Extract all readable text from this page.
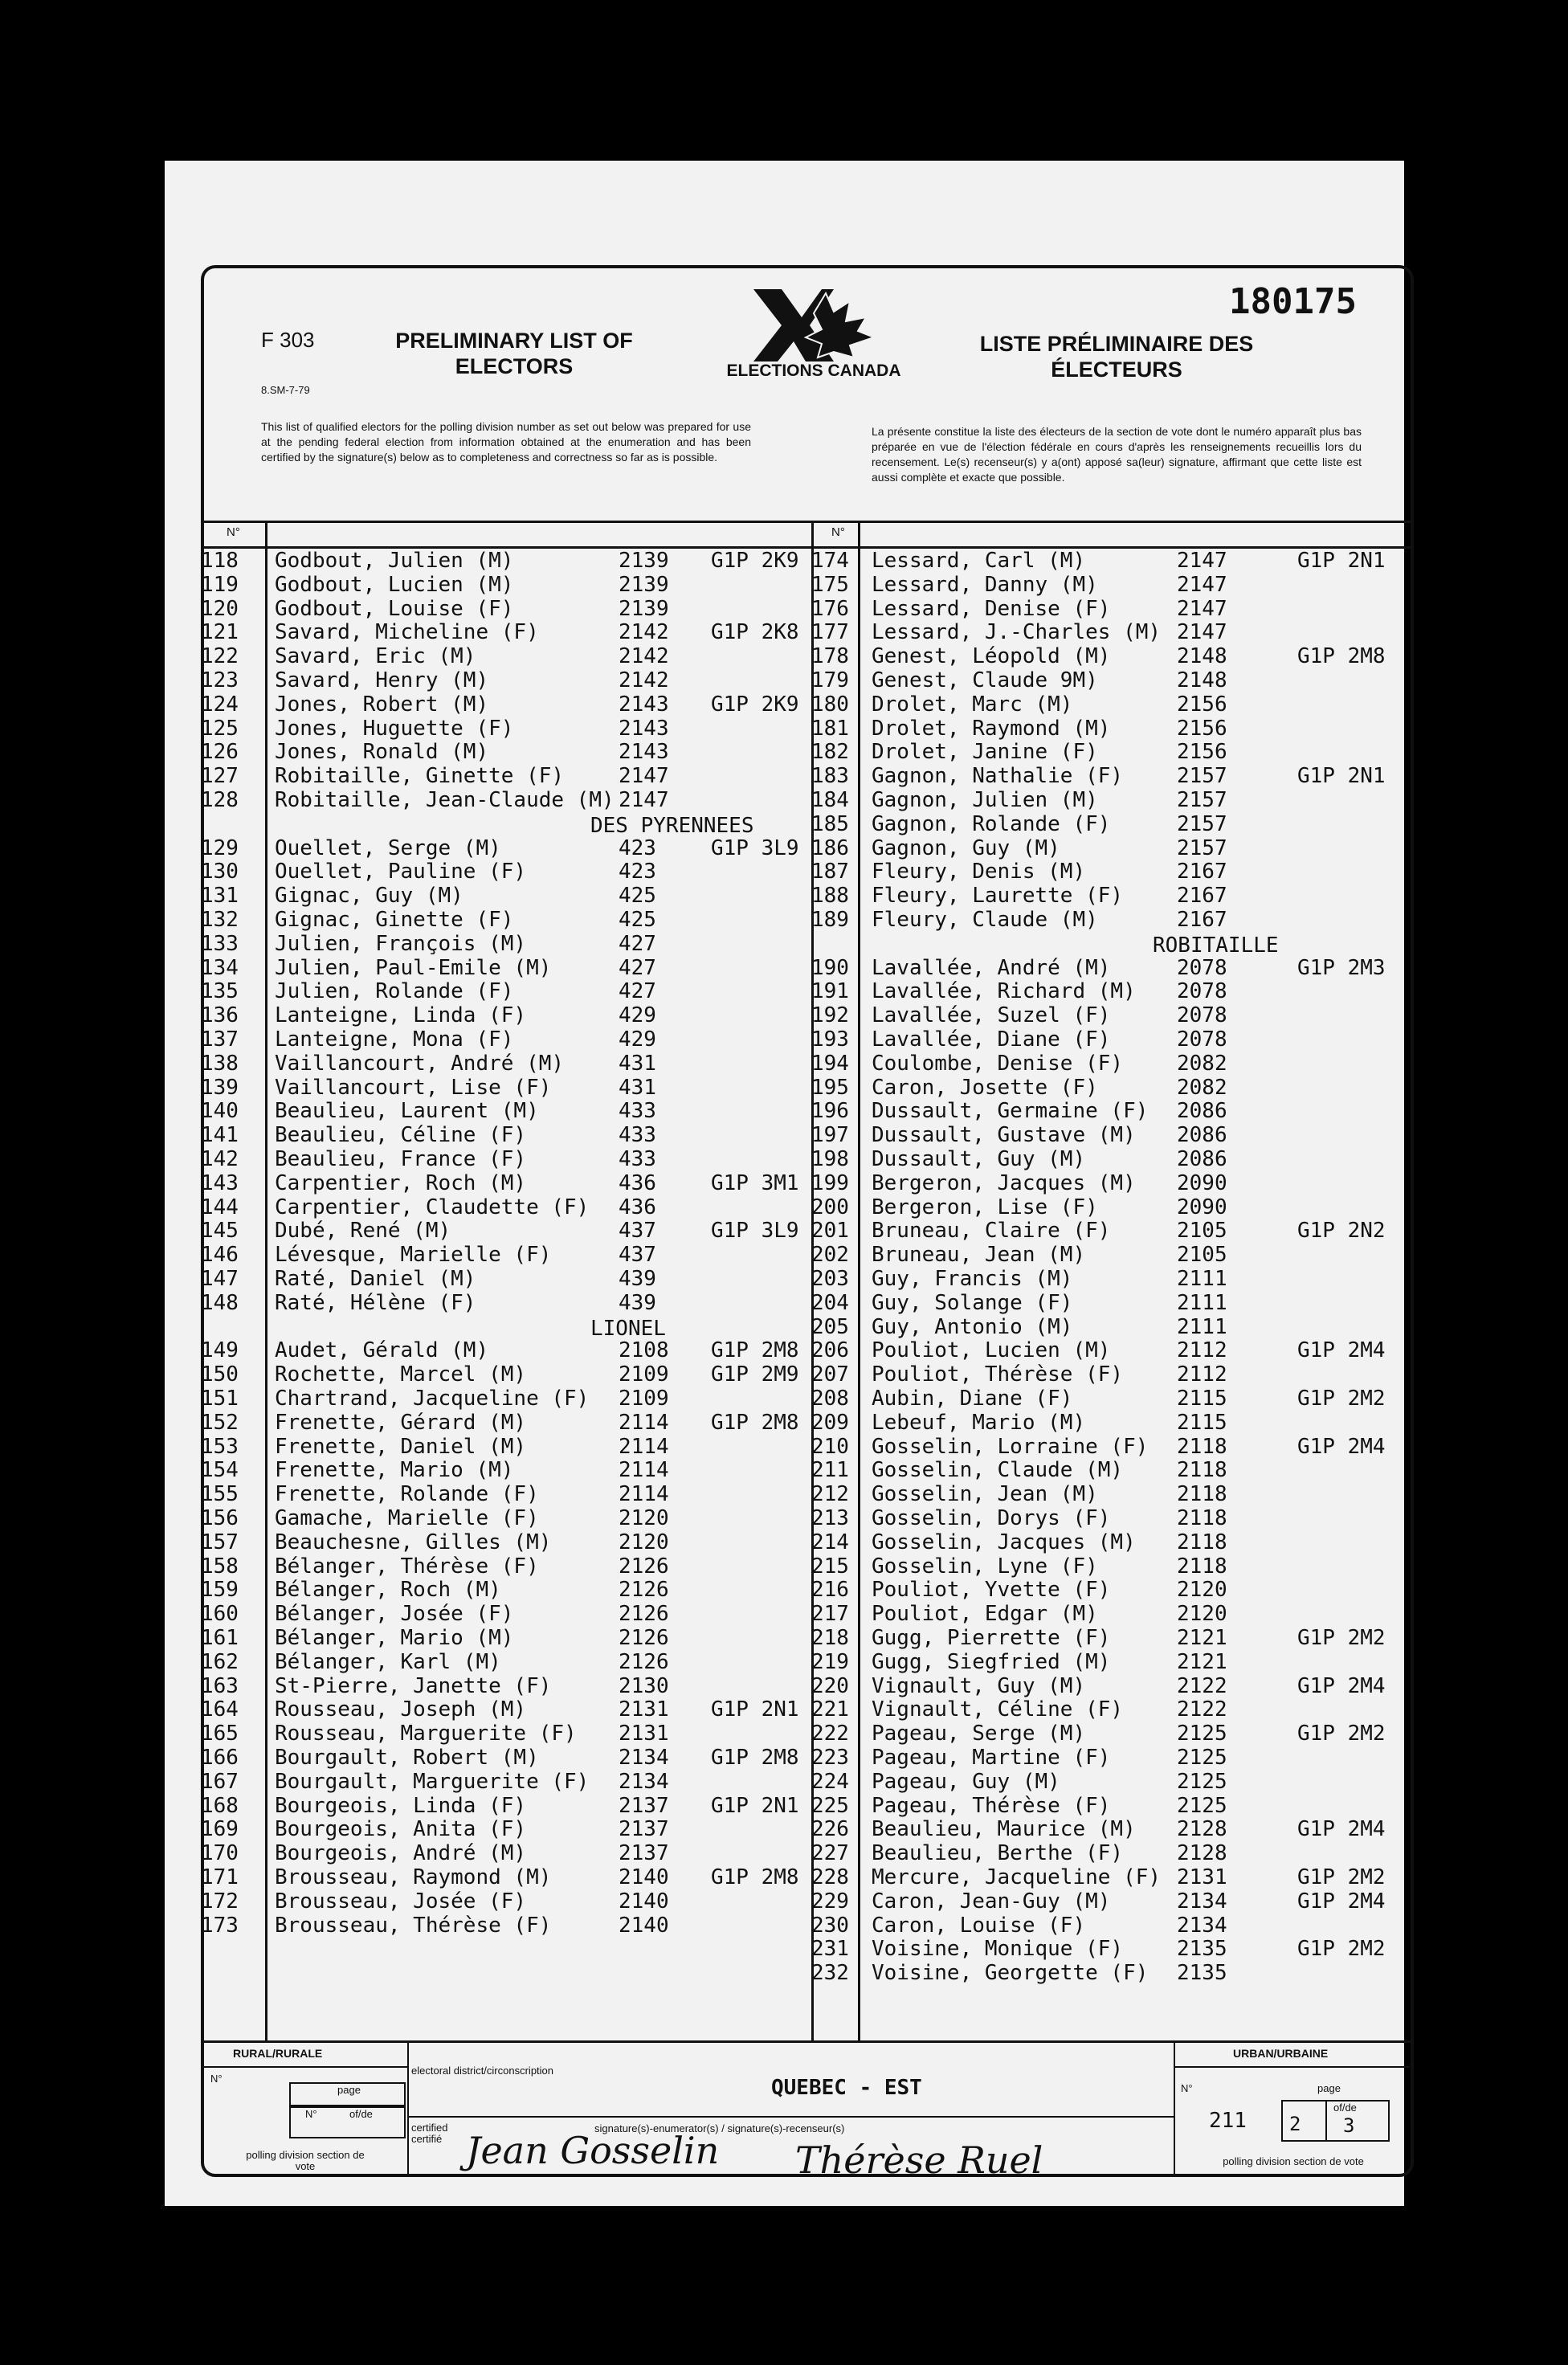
180175
F 303
8.SM-7-79
PRELIMINARY LIST OF ELECTORS
LISTE PRÉLIMINAIRE DES ÉLECTEURS
ELECTIONS CANADA
This list of qualified electors for the polling division number as set out below was prepared for use at the pending federal election from information obtained at the enumeration and has been certified by the signature(s) below as to completeness and correctness so far as is possible.
La présente constitue la liste des électeurs de la section de vote dont le numéro apparaît plus bas préparée en vue de l'élection fédérale en cours d'après les renseignements recueillis lors du recensement. Le(s) recenseur(s) y a(ont) apposé sa(leur) signature, affirmant que cette liste est aussi complète et exacte que possible.
N°	N°
118 Godbout, Julien (M)	2139 G1P 2K9
119 Godbout, Lucien (M)	2139
120 Godbout, Louise (F)	2139
121 Savard, Micheline (F)	2142 G1P 2K8
122 Savard, Eric (M)	2142
123 Savard, Henry (M)	2142
124 Jones, Robert (M)	2143 G1P 2K9
125 Jones, Huguette (F)	2143
126 Jones, Ronald (M)	2143
127 Robitaille, Ginette (F)	2147
128 Robitaille, Jean-Claude (M) 2147
DES PYRENNEES
129 Ouellet, Serge (M)	423	G1P 3L9
130 Ouellet, Pauline (F)	423
131 Gignac, Guy (M)	425
132 Gignac, Ginette (F)	425
133 Julien, François (M)	427
134 Julien, Paul-Emile (M)	427
135 Julien, Rolande (F)	427
136 Lanteigne, Linda (F)	429
137 Lanteigne, Mona (F)	429
138 Vaillancourt, André (M)	431
139 Vaillancourt, Lise (F)	431
140 Beaulieu, Laurent (M)	433
141 Beaulieu, Céline (F)	433
142 Beaulieu, France (F)	433
143 Carpentier, Roch (M)	436	G1P 3M1
144 Carpentier, Claudette (F) 436
145 Dubé, René (M)	437	G1P 3L9
146 Lévesque, Marielle (F)	437
147 Raté, Daniel (M)	439
148 Raté, Hélène (F)	439
LIONEL
149 Audet, Gérald (M)	2108 G1P 2M8
150 Rochette, Marcel (M)	2109 G1P 2M9
151 Chartrand, Jacqueline (F) 2109
152 Frenette, Gérard (M)	2114 G1P 2M8
153 Frenette, Daniel (M)	2114
154 Frenette, Mario (M)	2114
155 Frenette, Rolande (F)	2114
156 Gamache, Marielle (F)	2120
157 Beauchesne, Gilles (M)	2120
158 Bélanger, Thérèse (F)	2126
159 Bélanger, Roch (M)	2126
160 Bélanger, Josée (F)	2126
161 Bélanger, Mario (M)	2126
162 Bélanger, Karl (M)	2126
163 St-Pierre, Janette (F)	2130
164 Rousseau, Joseph (M)	2131 G1P 2N1
165 Rousseau, Marguerite (F) 2131
166 Bourgault, Robert (M)	2134 G1P 2M8
167 Bourgault, Marguerite (F) 2134
168 Bourgeois, Linda (F)	2137 G1P 2N1
169 Bourgeois, Anita (F)	2137
170 Bourgeois, André (M)	2137
171 Brousseau, Raymond (M)	2140 G1P 2M8
172 Brousseau, Josée (F)	2140
173 Brousseau, Thérèse (F)	2140
174 Lessard, Carl (M)	2147	G1P 2N1
175 Lessard, Danny (M)	2147
176 Lessard, Denise (F)	2147
177 Lessard, J.-Charles (M) 2147
178 Genest, Léopold (M)	2148	G1P 2M8
179 Genest, Claude 9M)	2148
180 Drolet, Marc (M)	2156
181 Drolet, Raymond (M)	2156
182 Drolet, Janine (F)	2156
183 Gagnon, Nathalie (F)	2157	G1P 2N1
184 Gagnon, Julien (M)	2157
185 Gagnon, Rolande (F)	2157
186 Gagnon, Guy (M)	2157
187 Fleury, Denis (M)	2167
188 Fleury, Laurette (F)	2167
189 Fleury, Claude (M)	2167
ROBITAILLE
190 Lavallée, André (M)	2078	G1P 2M3
191 Lavallée, Richard (M) 2078
192 Lavallée, Suzel (F)	2078
193 Lavallée, Diane (F)	2078
194 Coulombe, Denise (F)	2082
195 Caron, Josette (F)	2082
196 Dussault, Germaine (F) 2086
197 Dussault, Gustave (M) 2086
198 Dussault, Guy (M)	2086
199 Bergeron, Jacques (M) 2090
200 Bergeron, Lise (F)	2090
201 Bruneau, Claire (F)	2105	G1P 2N2
202 Bruneau, Jean (M)	2105
203 Guy, Francis (M)	2111
204 Guy, Solange (F)	2111
205 Guy, Antonio (M)	2111
206 Pouliot, Lucien (M)	2112	G1P 2M4
207 Pouliot, Thérèse (F)	2112
208 Aubin, Diane (F)	2115	G1P 2M2
209 Lebeuf, Mario (M)	2115
210 Gosselin, Lorraine (F) 2118	G1P 2M4
211 Gosselin, Claude (M)	2118
212 Gosselin, Jean (M)	2118
213 Gosselin, Dorys (F)	2118
214 Gosselin, Jacques (M) 2118
215 Gosselin, Lyne (F)	2118
216 Pouliot, Yvette (F)	2120
217 Pouliot, Edgar (M)	2120
218 Gugg, Pierrette (F)	2121	G1P 2M2
219 Gugg, Siegfried (M)	2121
220 Vignault, Guy (M)	2122	G1P 2M4
221 Vignault, Céline (F)	2122
222 Pageau, Serge (M)	2125	G1P 2M2
223 Pageau, Martine (F)	2125
224 Pageau, Guy (M)	2125
225 Pageau, Thérèse (F)	2125
226 Beaulieu, Maurice (M) 2128	G1P 2M4
227 Beaulieu, Berthe (F)	2128
228 Mercure, Jacqueline (F) 2131	G1P 2M2
229 Caron, Jean-Guy (M)	2134	G1P 2M4
230 Caron, Louise (F)	2134
231 Voisine, Monique (F)	2135	G1P 2M2
232 Voisine, Georgette (F) 2135
RURAL/RURALE
N°
page
N°	of/de
polling division section de vote
electoral district/circonscription
QUEBEC - EST
certified certifié
signature(s)-enumerator(s) / signature(s)-recenseur(s)
Jean Gosselin Thérèse Ruel
URBAN/URBAINE
N°	page
211 2
of/de
3
polling division section de vote
